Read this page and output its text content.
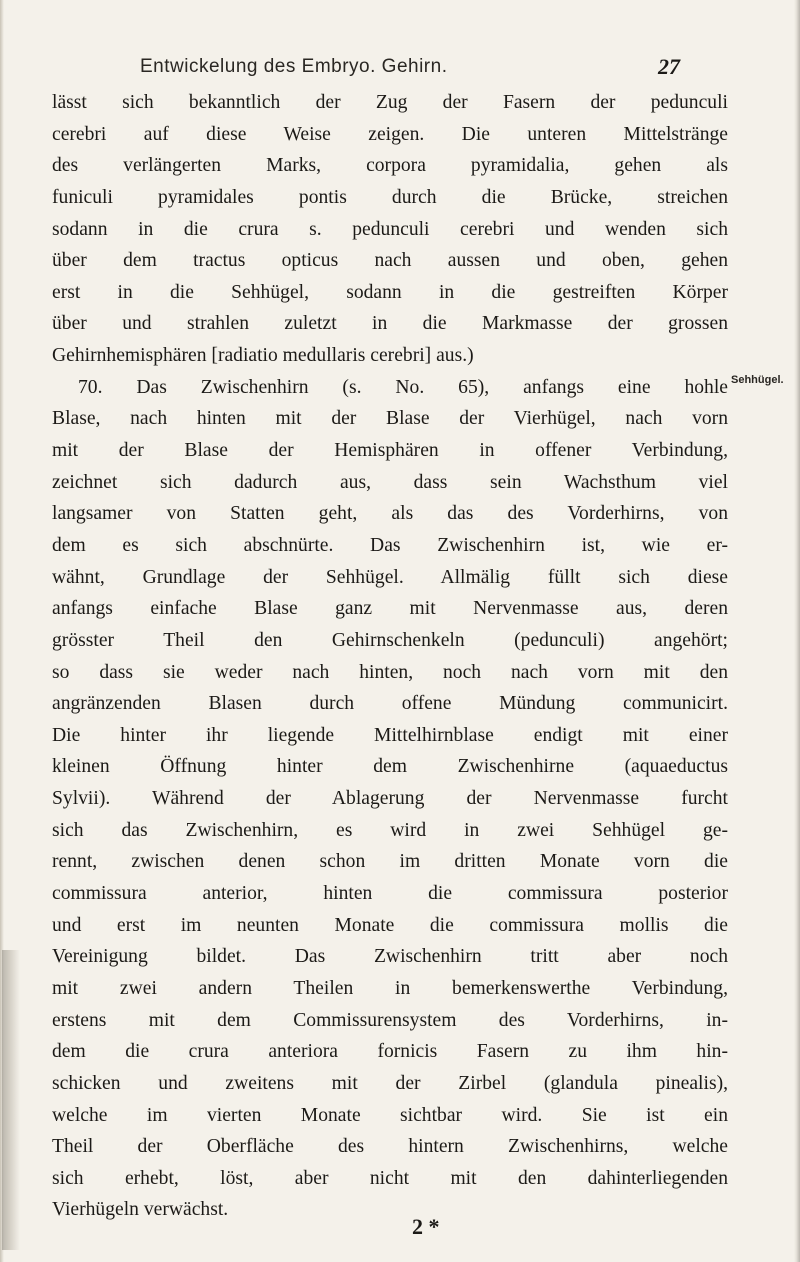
Entwickelung des Embryo. Gehirn.	27
lässt sich bekanntlich der Zug der Fasern der pedunculi
cerebri auf diese Weise zeigen. Die unteren Mittelstränge
des verlängerten Marks, corpora pyramidalia, gehen als
funiculi pyramidales pontis durch die Brücke, streichen
sodann in die crura s. pedunculi cerebri und wenden sich
über dem tractus opticus nach aussen und oben, gehen
erst in die Sehhügel, sodann in die gestreiften Körper
über und strahlen zuletzt in die Markmasse der grossen
Gehirnhemisphären [radiatio medullaris cerebri] aus.)
70. Das Zwischenhirn (s. No. 65), anfangs eine hohle
Blase, nach hinten mit der Blase der Vierhügel, nach vorn
mit der Blase der Hemisphären in offener Verbindung,
zeichnet sich dadurch aus, dass sein Wachsthum viel
langsamer von Statten geht, als das des Vorderhirns, von
dem es sich abschnürte. Das Zwischenhirn ist, wie er-
wähnt, Grundlage der Sehhügel. Allmälig füllt sich diese
anfangs einfache Blase ganz mit Nervenmasse aus, deren
grösster Theil den Gehirnschenkeln (pedunculi) angehört;
so dass sie weder nach hinten, noch nach vorn mit den
angränzenden Blasen durch offene Mündung communicirt.
Die hinter ihr liegende Mittelhirnblase endigt mit einer
kleinen Öffnung hinter dem Zwischenhirne (aquaeductus
Sylvii). Während der Ablagerung der Nervenmasse furcht
sich das Zwischenhirn, es wird in zwei Sehhügel ge-
rennt, zwischen denen schon im dritten Monate vorn die
commissura anterior, hinten die commissura posterior
und erst im neunten Monate die commissura mollis die
Vereinigung bildet. Das Zwischenhirn tritt aber noch
mit zwei andern Theilen in bemerkenswerthe Verbindung,
erstens mit dem Commissurensystem des Vorderhirns, in-
dem die crura anteriora fornicis Fasern zu ihm hin-
schicken und zweitens mit der Zirbel (glandula pinealis),
welche im vierten Monate sichtbar wird. Sie ist ein
Theil der Oberfläche des hintern Zwischenhirns, welche
sich erhebt, löst, aber nicht mit den dahinterliegenden
Vierhügeln verwächst.
Sehhügel.
2 *
